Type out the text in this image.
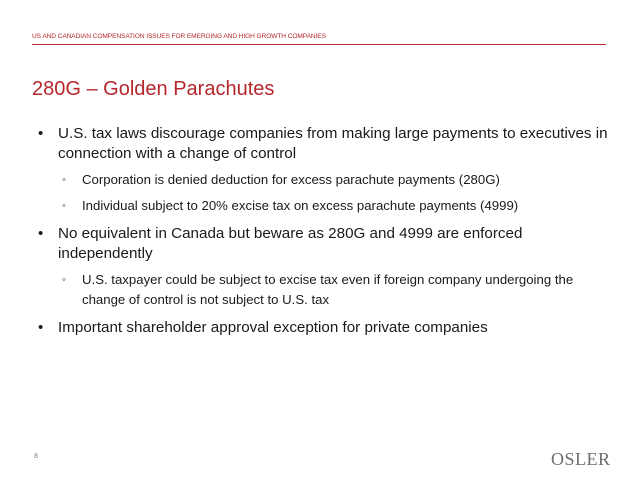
US AND CANADIAN COMPENSATION ISSUES FOR EMERGING AND HIGH GROWTH COMPANIES
280G – Golden Parachutes
• U.S. tax laws discourage companies from making large payments to executives in connection with a change of control
◦ Corporation is denied deduction for excess parachute payments (280G)
◦ Individual subject to 20% excise tax on excess parachute payments (4999)
• No equivalent in Canada but beware as 280G and 4999 are enforced independently
◦ U.S. taxpayer could be subject to excise tax even if foreign company undergoing the change of control is not subject to U.S. tax
• Important shareholder approval exception for private companies
8	OSLER
